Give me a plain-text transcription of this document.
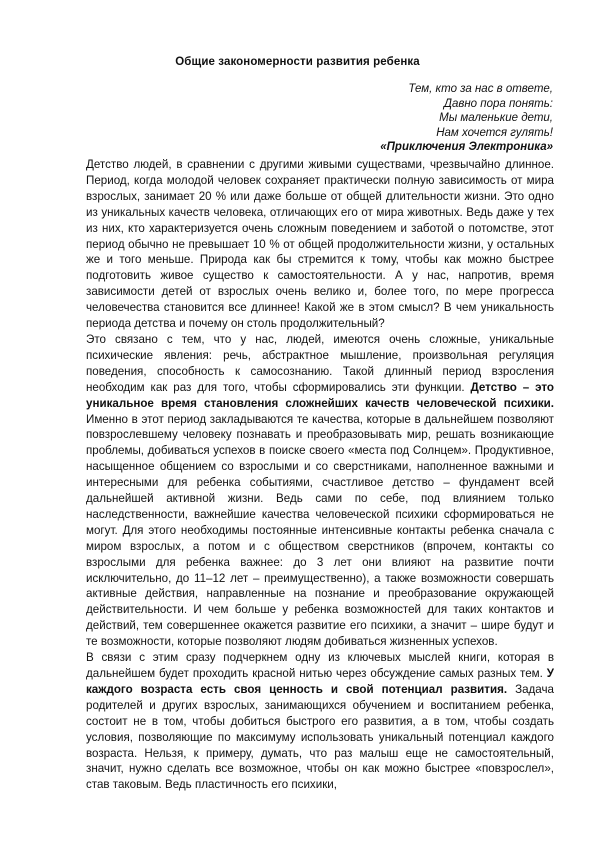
Общие закономерности развития ребенка
Тем, кто за нас в ответе,
Давно пора понять:
Мы маленькие дети,
Нам хочется гулять!
«Приключения Электроника»

Детство людей, в сравнении с другими живыми существами, чрезвычайно длинное. Период, когда молодой человек сохраняет практически полную зависимость от мира взрослых, занимает 20 % или даже больше от общей длительности жизни. Это одно из уникальных качеств человека, отличающих его от мира животных. Ведь даже у тех из них, кто характеризуется очень сложным поведением и заботой о потомстве, этот период обычно не превышает 10 % от общей продолжительности жизни, у остальных же и того меньше. Природа как бы стремится к тому, чтобы как можно быстрее подготовить живое существо к самостоятельности. А у нас, напротив, время зависимости детей от взрослых очень велико и, более того, по мере прогресса человечества становится все длиннее! Какой же в этом смысл? В чем уникальность периода детства и почему он столь продолжительный?

Это связано с тем, что у нас, людей, имеются очень сложные, уникальные психические явления: речь, абстрактное мышление, произвольная регуляция поведения, способность к самосознанию. Такой длинный период взросления необходим как раз для того, чтобы сформировались эти функции. Детство – это уникальное время становления сложнейших качеств человеческой психики. Именно в этот период закладываются те качества, которые в дальнейшем позволяют повзрослевшему человеку познавать и преобразовывать мир, решать возникающие проблемы, добиваться успехов в поиске своего «места под Солнцем». Продуктивное, насыщенное общением со взрослыми и со сверстниками, наполненное важными и интересными для ребенка событиями, счастливое детство – фундамент всей дальнейшей активной жизни. Ведь сами по себе, под влиянием только наследственности, важнейшие качества человеческой психики сформироваться не могут. Для этого необходимы постоянные интенсивные контакты ребенка сначала с миром взрослых, а потом и с обществом сверстников (впрочем, контакты со взрослыми для ребенка важнее: до 3 лет они влияют на развитие почти исключительно, до 11–12 лет – преимущественно), а также возможности совершать активные действия, направленные на познание и преобразование окружающей действительности. И чем больше у ребенка возможностей для таких контактов и действий, тем совершеннее окажется развитие его психики, а значит – шире будут и те возможности, которые позволяют людям добиваться жизненных успехов.

В связи с этим сразу подчеркнем одну из ключевых мыслей книги, которая в дальнейшем будет проходить красной нитью через обсуждение самых разных тем. У каждого возраста есть своя ценность и свой потенциал развития. Задача родителей и других взрослых, занимающихся обучением и воспитанием ребенка, состоит не в том, чтобы добиться быстрого его развития, а в том, чтобы создать условия, позволяющие по максимуму использовать уникальный потенциал каждого возраста. Нельзя, к примеру, думать, что раз малыш еще не самостоятельный, значит, нужно сделать все возможное, чтобы он как можно быстрее «повзрослел», став таковым. Ведь пластичность его психики,
